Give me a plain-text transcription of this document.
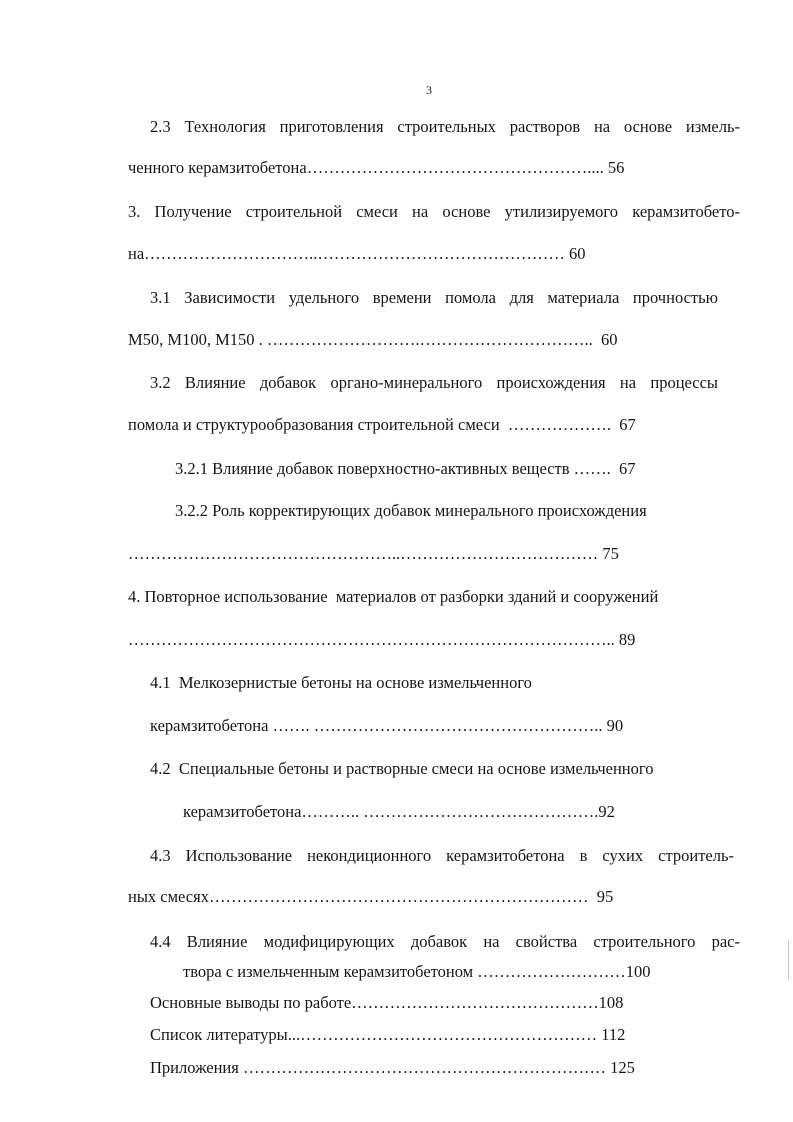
3
2.3 Технология приготовления строительных растворов на основе измель-
ченного керамзитобетона…………………………………………….... 56
3. Получение строительной смеси на основе утилизируемого керамзитобето-
на…………………………..……………………………………… 60
3.1 Зависимости удельного времени помола для материала прочностью
М50, М100, М150 . ……………………….…………………………..  60
3.2 Влияние добавок органо-минерального происхождения на процессы
помола и структурообразования строительной смеси  ……………….  67
3.2.1 Влияние добавок поверхностно-активных веществ …….  67
3.2.2 Роль корректирующих добавок минерального происхождения
…………………………………………..……………………………… 75
4. Повторное использование  материалов от разборки зданий и сооружений
…………………………………………………………………………….. 89
4.1  Мелкозернистые бетоны на основе измельченного
керамзитобетона ……. …………………………………………….. 90
4.2  Специальные бетоны и растворные смеси на основе измельченного
керамзитобетона……….. …………………………………….92
4.3 Использование некондиционного керамзитобетона в сухих строитель-
ных смесях……………………………………………………………  95
4.4 Влияние модифицирующих добавок на свойства строительного рас-
твора с измельченным керамзитобетоном ………………………100
Основные выводы по работе………………………………………108
Список литературы...……………………………………………… 112
Приложения ………………………………………………………… 125
